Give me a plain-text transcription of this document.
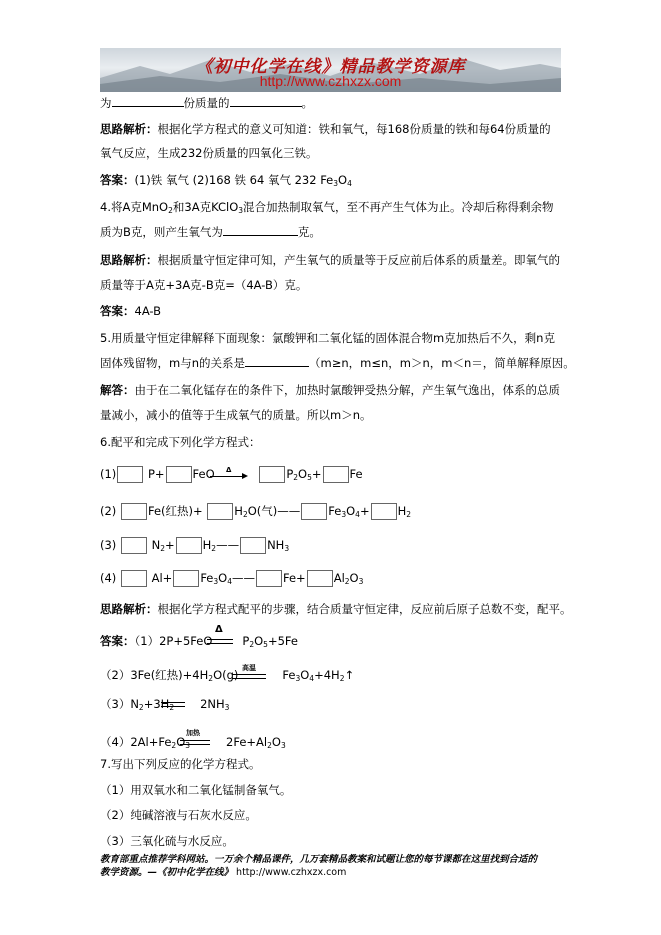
《初中化学在线》精品教学资源库
http://www.czhxzx.com
为	份质量的	。
思路解析：根据化学方程式的意义可知道：铁和氧气，每168份质量的铁和每64份质量的
氧气反应，生成232份质量的四氧化三铁。
答案：(1)铁 氧气 (2)168 铁 64 氧气 232 $Fe_3O_4$
4.将A克MnO$_2$和3A克KClO$_3$混合加热制取氧气，至不再产生气体为止。冷却后称得剩余物
质为B克，则产生氧气为	克。
思路解析：根据质量守恒定律可知，产生氧气的质量等于反应前后体系的质量差。即氧气的
质量等于A克+3A克-B克=（4A-B）克。
答案：4A-B
5.用质量守恒定律解释下面现象：氯酸钾和二氧化锰的固体混合物m克加热后不久，剩n克
固体残留物，m与n的关系是	（m≥n，m≤n，m＞n，m＜n＝，简单解释原因。
解答：由于在二氧化锰存在的条件下，加热时氯酸钾受热分解，产生氧气逸出，体系的总质
量减小，减小的值等于生成氧气的质量。所以m＞n。
6.配平和完成下列化学方程式：
(1)	P+ FeO	$P_2O_5+ Fe$
Δ
(2)	Fe(红热)+	$H_2O$(气)—— $Fe_3O_4+ H_2$
(3)	$N_2+$ $H_2——$ $NH_3$
(4)	$Al+ Fe_3O_4——$ $Fe+ Al_2O_3$
思路解析：根据化学方程式配平的步骤，结合质量守恒定律，反应前后原子总数不变，配平。
答案：（1）2P+5FeO	$P_2O_5+5Fe$
Δ
（2）3Fe(红热)$+4H_2O(g)$	$Fe_3O_4+4H_2↑$
高温
$(3)N_2+3H_2$ $2NH_3$
$(4)2Al+Fe_2O_3$	$2Fe+Al_2O_3$
加热
7.写出下列反应的化学方程式。
（1）用双氧水和二氧化锰制备氧气。
（2）纯碱溶液与石灰水反应。
（3）三氧化硫与水反应。
教育部重点推荐学科网站。一万余个精品课件，几万套精品教案和试题让您的每节课都在这里找到合适的
教学资源。—《初中化学在线》 http://www.czhxzx.com
